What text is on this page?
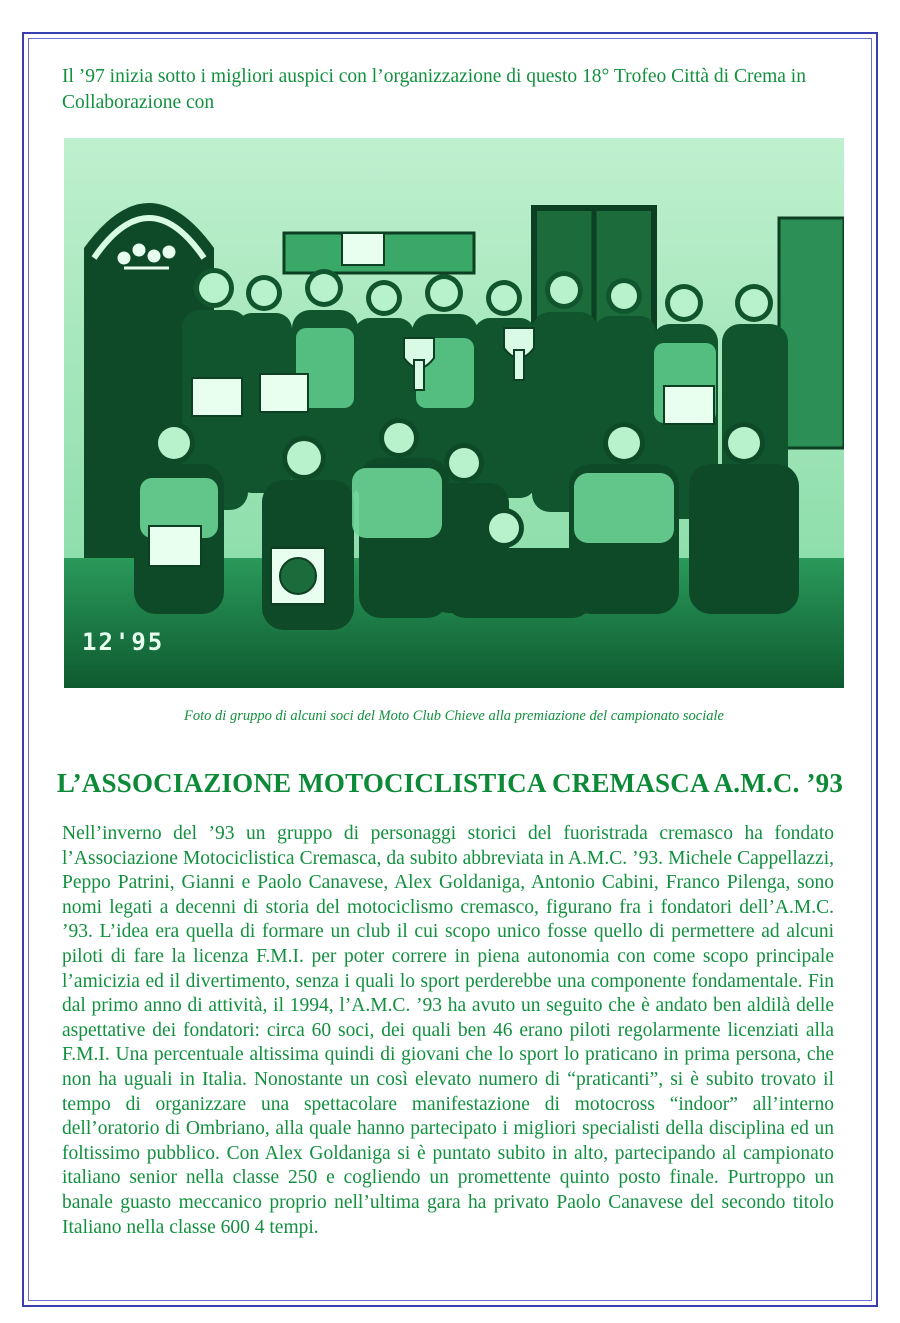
Il ’97 inizia sotto i migliori auspici con l’organizzazione di questo 18° Trofeo Città di Crema in Collaborazione con

12'95

Foto di gruppo di alcuni soci del Moto Club Chieve alla premiazione del campionato sociale

L’ASSOCIAZIONE MOTOCICLISTICA CREMASCA A.M.C. ’93

Nell’inverno del ’93 un gruppo di personaggi storici del fuoristrada cremasco ha fondato l’Associazione Motociclistica Cremasca, da subito abbreviata in A.M.C. ’93. Michele Cappellazzi, Peppo Patrini, Gianni e Paolo Canavese, Alex Goldaniga, Antonio Cabini, Franco Pilenga, sono nomi legati a decenni di storia del motociclismo cremasco, figurano fra i fondatori dell’A.M.C. ’93. L’idea era quella di formare un club il cui scopo unico fosse quello di permettere ad alcuni piloti di fare la licenza F.M.I. per poter correre in piena autonomia con come scopo principale l’amicizia ed il divertimento, senza i quali lo sport perderebbe una componente fondamentale. Fin dal primo anno di attività, il 1994, l’A.M.C. ’93 ha avuto un seguito che è andato ben aldilà delle aspettative dei fondatori: circa 60 soci, dei quali ben 46 erano piloti regolarmente licenziati alla F.M.I. Una percentuale altissima quindi di giovani che lo sport lo praticano in prima persona, che non ha uguali in Italia. Nonostante un così elevato numero di “praticanti”, si è subito trovato il tempo di organizzare una spettacolare manifestazione di motocross “indoor” all’interno dell’oratorio di Ombriano, alla quale hanno partecipato i migliori specialisti della disciplina ed un foltissimo pubblico. Con Alex Goldaniga si è puntato subito in alto, partecipando al campionato italiano senior nella classe 250 e cogliendo un promettente quinto posto finale. Purtroppo un banale guasto meccanico proprio nell’ultima gara ha privato Paolo Canavese del secondo titolo Italiano nella classe 600 4 tempi.
